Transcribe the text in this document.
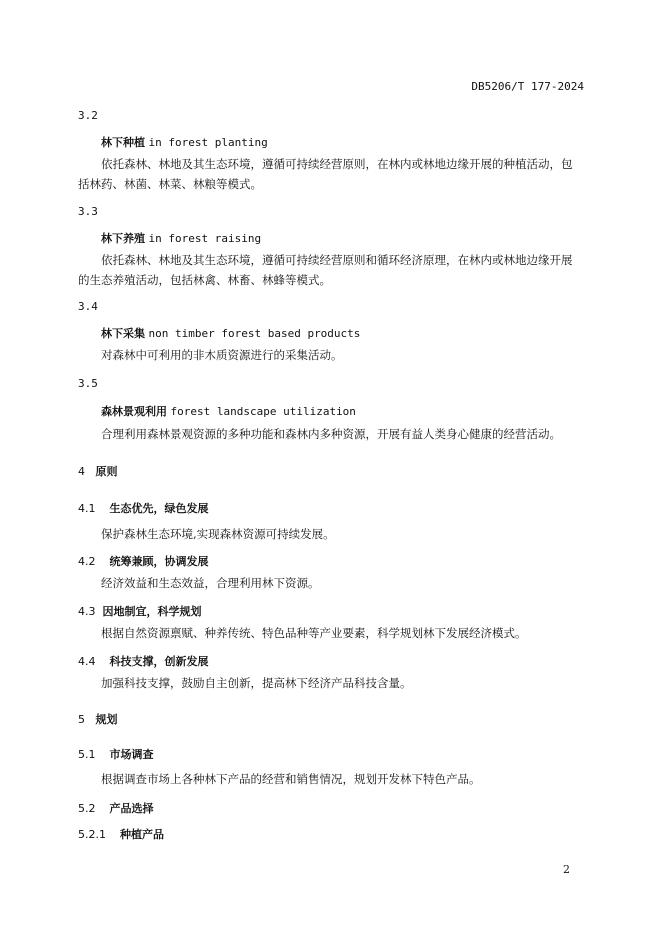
DB5206/T 177-2024
3.2
林下种植 in forest planting
依托森林、林地及其生态环境，遵循可持续经营原则，在林内或林地边缘开展的种植活动，包
括林药、林菌、林菜、林粮等模式。
3.3
林下养殖 in forest raising
依托森林、林地及其生态环境，遵循可持续经营原则和循环经济原理，在林内或林地边缘开展
的生态养殖活动，包括林禽、林畜、林蜂等模式。
3.4
林下采集 non timber forest based products
对森林中可利用的非木质资源进行的采集活动。
3.5
森林景观利用 forest landscape utilization
合理利用森林景观资源的多种功能和森林内多种资源，开展有益人类身心健康的经营活动。
4 原则
4.1 生态优先，绿色发展
保护森林生态环境,实现森林资源可持续发展。
4.2 统筹兼顾，协调发展
经济效益和生态效益，合理利用林下资源。
4.3 因地制宜，科学规划
根据自然资源禀赋、种养传统、特色品种等产业要素，科学规划林下发展经济模式。
4.4 科技支撑，创新发展
加强科技支撑，鼓励自主创新，提高林下经济产品科技含量。
5 规划
5.1 市场调查
根据调查市场上各种林下产品的经营和销售情况，规划开发林下特色产品。
5.2 产品选择
5.2.1 种植产品
2
